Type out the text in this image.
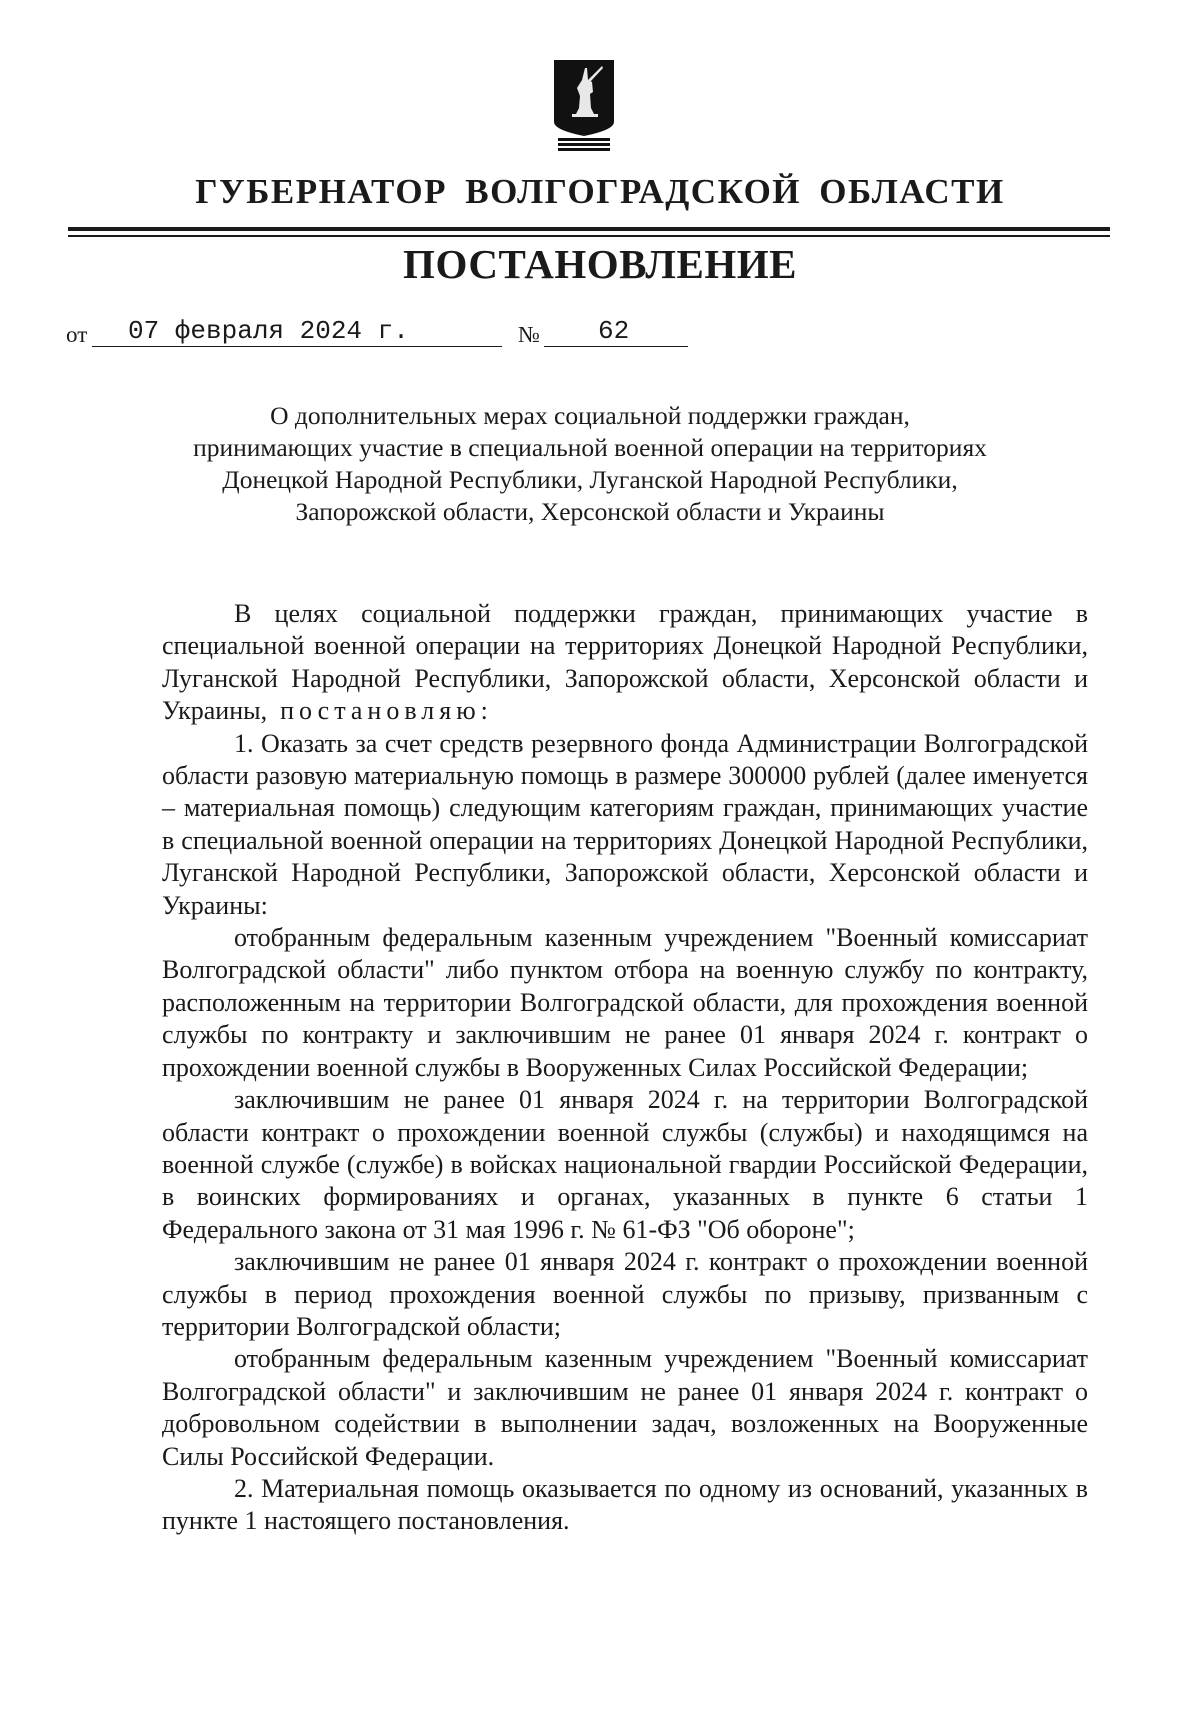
ГУБЕРНАТОР ВОЛГОГРАДСКОЙ ОБЛАСТИ
ПОСТАНОВЛЕНИЕ
от 07 февраля 2024 г.	№ 62
О дополнительных мерах социальной поддержки граждан,
принимающих участие в специальной военной операции на территориях
Донецкой Народной Республики, Луганской Народной Республики,
Запорожской области, Херсонской области и Украины

В целях социальной поддержки граждан, принимающих участие в специальной военной операции на территориях Донецкой Народной Республики, Луганской Народной Республики, Запорожской области, Херсонской области и Украины, постановляю:

1. Оказать за счет средств резервного фонда Администрации Волгоградской области разовую материальную помощь в размере 300000 рублей (далее именуется – материальная помощь) следующим категориям граждан, принимающих участие в специальной военной операции на территориях Донецкой Народной Республики, Луганской Народной Республики, Запорожской области, Херсонской области и Украины:

отобранным федеральным казенным учреждением "Военный комиссариат Волгоградской области" либо пунктом отбора на военную службу по контракту, расположенным на территории Волгоградской области, для прохождения военной службы по контракту и заключившим не ранее 01 января 2024 г. контракт о прохождении военной службы в Вооруженных Силах Российской Федерации;

заключившим не ранее 01 января 2024 г. на территории Волгоградской области контракт о прохождении военной службы (службы) и находящимся на военной службе (службе) в войсках национальной гвардии Российской Федерации, в воинских формированиях и органах, указанных в пункте 6 статьи 1 Федерального закона от 31 мая 1996 г. № 61-ФЗ "Об обороне";

заключившим не ранее 01 января 2024 г. контракт о прохождении военной службы в период прохождения военной службы по призыву, призванным с территории Волгоградской области;

отобранным федеральным казенным учреждением "Военный комиссариат Волгоградской области" и заключившим не ранее 01 января 2024 г. контракт о добровольном содействии в выполнении задач, возложенных на Вооруженные Силы Российской Федерации.

2. Материальная помощь оказывается по одному из оснований, указанных в пункте 1 настоящего постановления.
